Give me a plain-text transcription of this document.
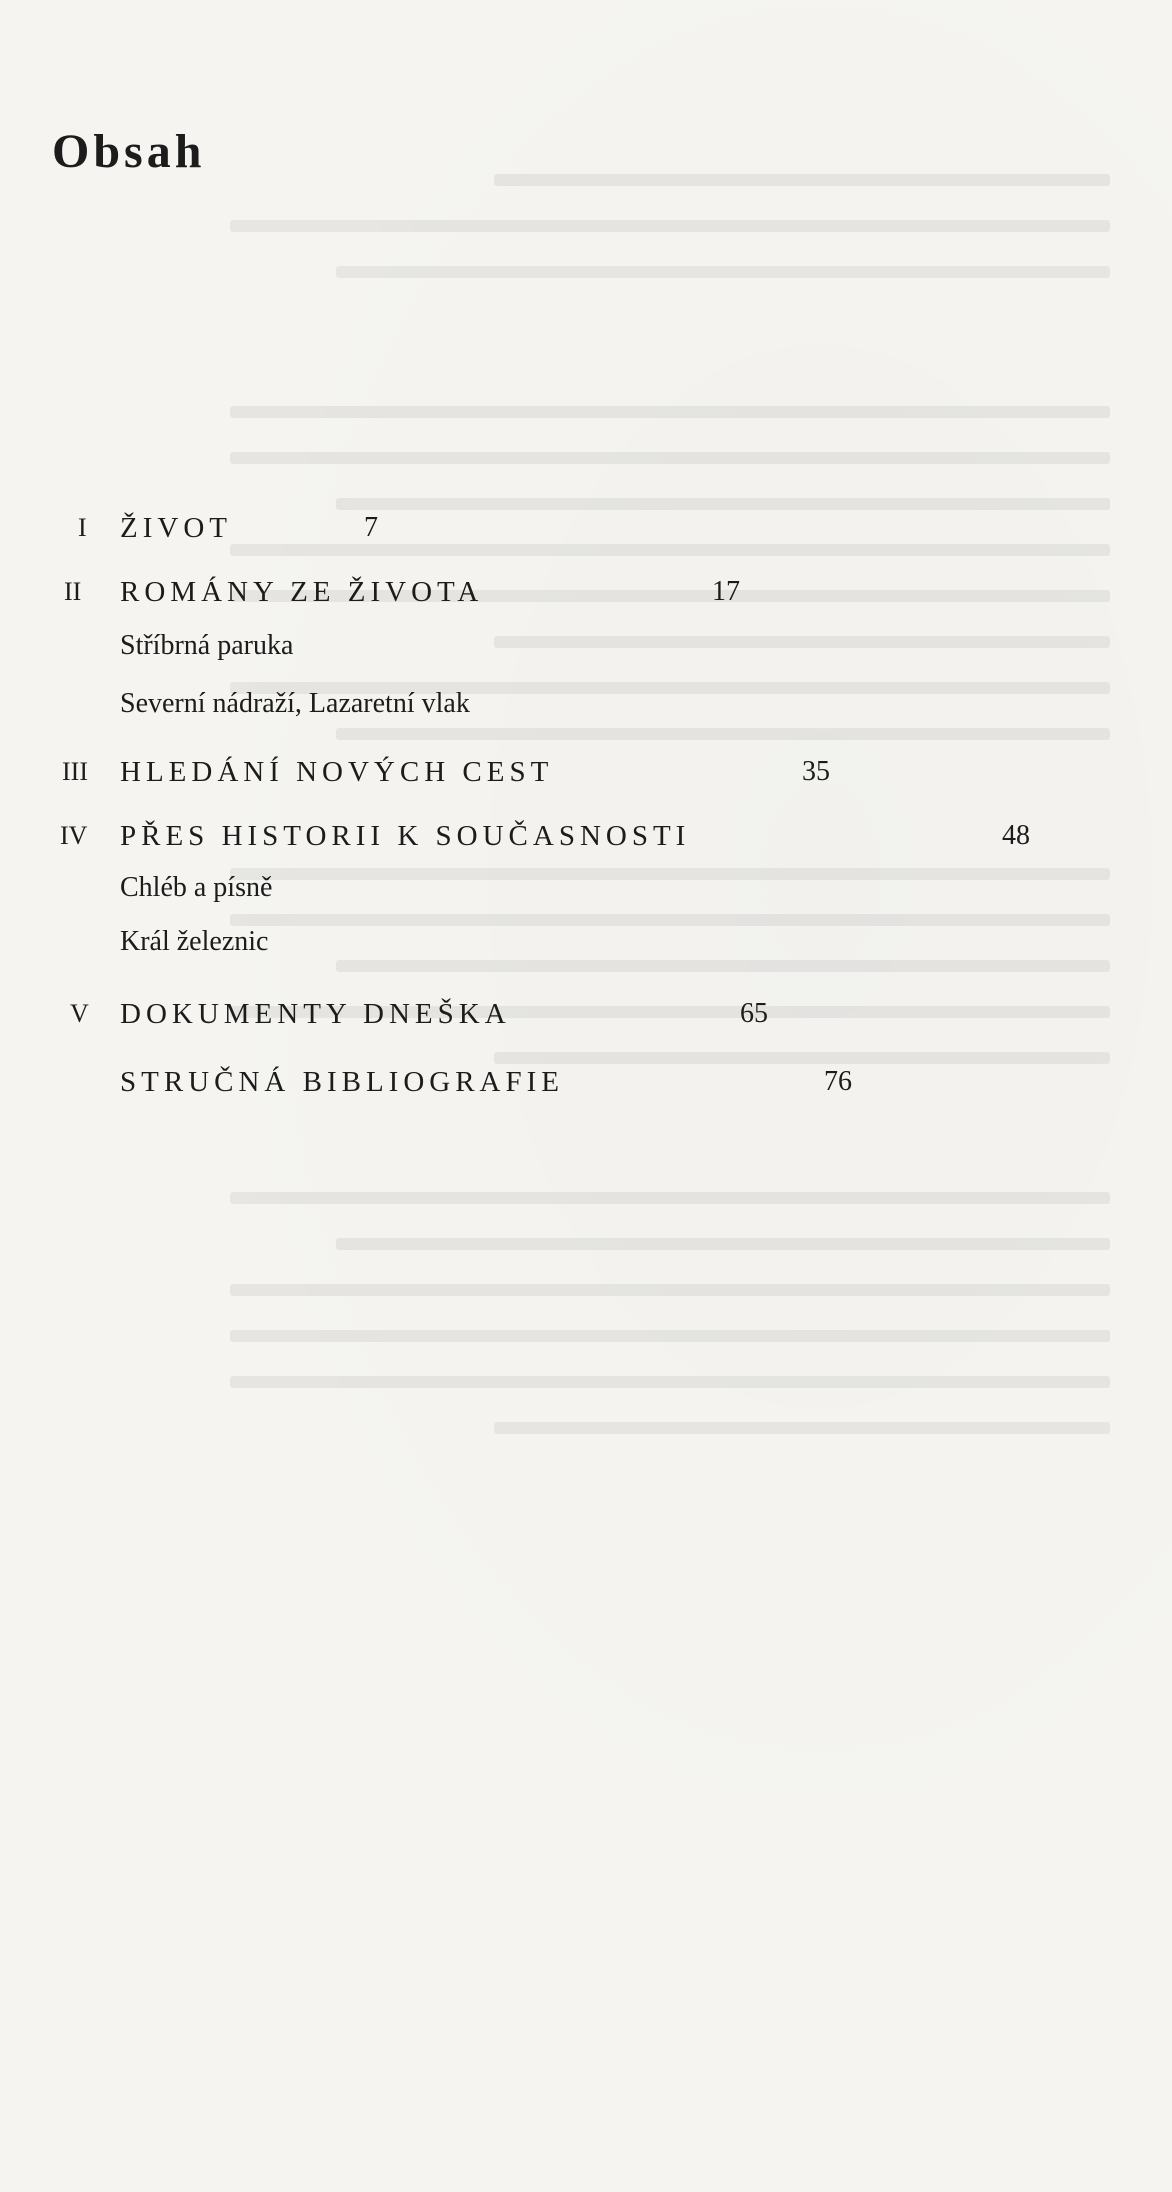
Obsah
I ŽIVOT	7
II ROMÁNY ZE ŽIVOTA	17
Stříbrná paruka
Severní nádraží, Lazaretní vlak
III HLEDÁNÍ NOVÝCH CEST	35
IV PŘES HISTORII K SOUČASNOSTI	48
Chléb a písně
Král železnic
V DOKUMENTY DNEŠKA	65
STRUČNÁ BIBLIOGRAFIE	76
